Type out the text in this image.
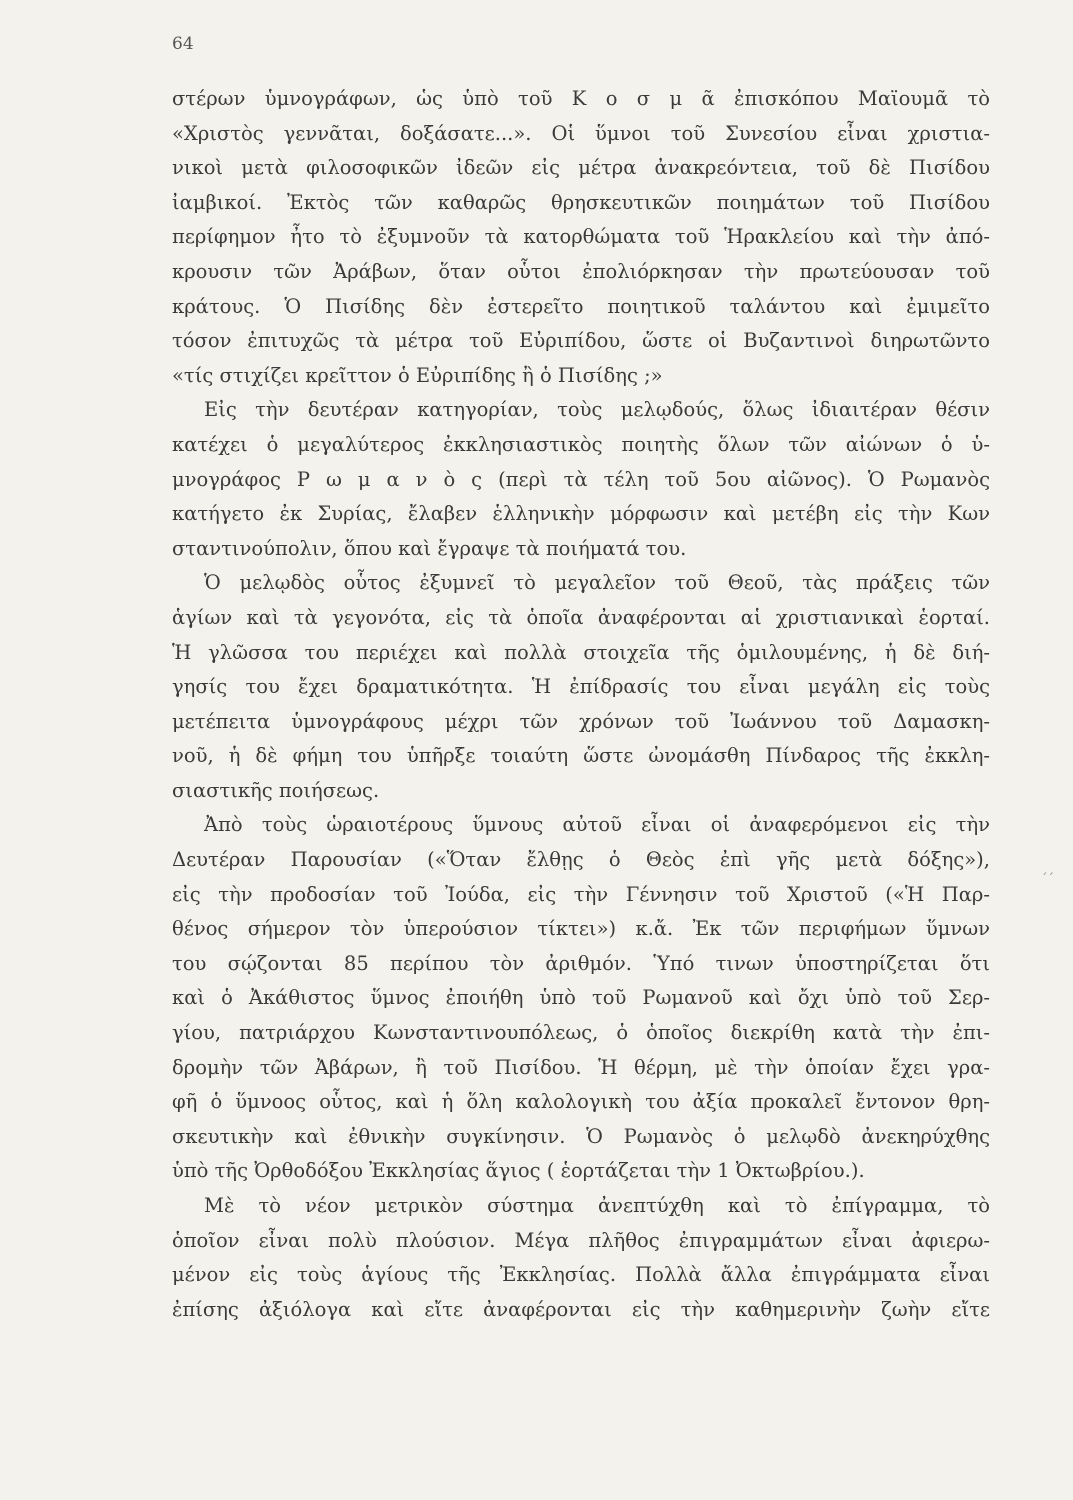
64
στέρων ὑμνογράφων, ὡς ὑπὸ τοῦ Κ ο σ μ ᾶ ἐπισκόπου Μαϊουμᾶ τὸ
«Χριστὸς γεννᾶται, δοξάσατε...». Οἱ ὕμνοι τοῦ Συνεσίου εἶναι χριστια-
νικοὶ μετὰ φιλοσοφικῶν ἰδεῶν εἰς μέτρα ἀνακρεόντεια, τοῦ δὲ Πισίδου
ἰαμβικοί. Ἐκτὸς τῶν καθαρῶς θρησκευτικῶν ποιημάτων τοῦ Πισίδου
περίφημον ἦτο τὸ ἐξυμνοῦν τὰ κατορθώματα τοῦ Ἡρακλείου καὶ τὴν ἀπό-
κρουσιν τῶν Ἀράβων, ὅταν οὗτοι ἐπολιόρκησαν τὴν πρωτεύουσαν τοῦ
κράτους. Ὁ Πισίδης δὲν ἐστερεῖτο ποιητικοῦ ταλάντου καὶ ἐμιμεῖτο
τόσον ἐπιτυχῶς τὰ μέτρα τοῦ Εὐριπίδου, ὥστε οἱ Βυζαντινοὶ διηρωτῶντο
«τίς στιχίζει κρεῖττον ὁ Εὐριπίδης ἢ ὁ Πισίδης ;»
Εἰς τὴν δευτέραν κατηγορίαν, τοὺς μελῳδούς, ὅλως ἰδιαιτέραν θέσιν
κατέχει ὁ μεγαλύτερος ἐκκλησιαστικὸς ποιητὴς ὅλων τῶν αἰώνων ὁ ὑ-
μνογράφος Ρ ω μ α ν ὸ ς (περὶ τὰ τέλη τοῦ 5ου αἰῶνος). Ὁ Ρωμανὸς
κατήγετο ἐκ Συρίας, ἔλαβεν ἑλληνικὴν μόρφωσιν καὶ μετέβη εἰς τὴν Κων
σταντινούπολιν, ὅπου καὶ ἔγραψε τὰ ποιήματά του.
Ὁ μελῳδὸς οὗτος ἐξυμνεῖ τὸ μεγαλεῖον τοῦ Θεοῦ, τὰς πράξεις τῶν
ἁγίων καὶ τὰ γεγονότα, εἰς τὰ ὁποῖα ἀναφέρονται αἱ χριστιανικαὶ ἑορταί.
Ἡ γλῶσσα του περιέχει καὶ πολλὰ στοιχεῖα τῆς ὁμιλουμένης, ἡ δὲ διή-
γησίς του ἔχει δραματικότητα. Ἡ ἐπίδρασίς του εἶναι μεγάλη εἰς τοὺς
μετέπειτα ὑμνογράφους μέχρι τῶν χρόνων τοῦ Ἰωάννου τοῦ Δαμασκη-
νοῦ, ἡ δὲ φήμη του ὑπῆρξε τοιαύτη ὥστε ὠνομάσθη Πίνδαρος τῆς ἐκκλη-
σιαστικῆς ποιήσεως.
Ἀπὸ τοὺς ὡραιοτέρους ὕμνους αὐτοῦ εἶναι οἱ ἀναφερόμενοι εἰς τὴν
Δευτέραν Παρουσίαν («Ὅταν ἔλθῃς ὁ Θεὸς ἐπὶ γῆς μετὰ δόξης»),
εἰς τὴν προδοσίαν τοῦ Ἰούδα, εἰς τὴν Γέννησιν τοῦ Χριστοῦ («Ἡ Παρ-
θένος σήμερον τὸν ὑπερούσιον τίκτει») κ.ἄ. Ἐκ τῶν περιφήμων ὕμνων
του σῴζονται 85 περίπου τὸν ἀριθμόν. Ὑπό τινων ὑποστηρίζεται ὅτι
καὶ ὁ Ἀκάθιστος ὕμνος ἐποιήθη ὑπὸ τοῦ Ρωμανοῦ καὶ ὄχι ὑπὸ τοῦ Σερ-
γίου, πατριάρχου Κωνσταντινουπόλεως, ὁ ὁποῖος διεκρίθη κατὰ τὴν ἐπι-
δρομὴν τῶν Ἀβάρων, ἢ τοῦ Πισίδου. Ἡ θέρμη, μὲ τὴν ὁποίαν ἔχει γρα-
φῆ ὁ ὕμνοος οὗτος, καὶ ἡ ὅλη καλολογικὴ του ἀξία προκαλεῖ ἔντονον θρη-
σκευτικὴν καὶ ἐθνικὴν συγκίνησιν. Ὁ Ρωμανὸς ὁ μελῳδὸ ἀνεκηρύχθης
ὑπὸ τῆς Ὀρθοδόξου Ἐκκλησίας ἅγιος ( ἑορτάζεται τὴν 1 Ὀκτωβρίου.).
Μὲ τὸ νέον μετρικὸν σύστημα ἀνεπτύχθη καὶ τὸ ἐπίγραμμα, τὸ
ὁποῖον εἶναι πολὺ πλούσιον. Μέγα πλῆθος ἐπιγραμμάτων εἶναι ἀφιερω-
μένον εἰς τοὺς ἁγίους τῆς Ἐκκλησίας. Πολλὰ ἄλλα ἐπιγράμματα εἶναι
ἐπίσης ἀξιόλογα καὶ εἴτε ἀναφέρονται εἰς τὴν καθημερινὴν ζωὴν εἴτε
´´
